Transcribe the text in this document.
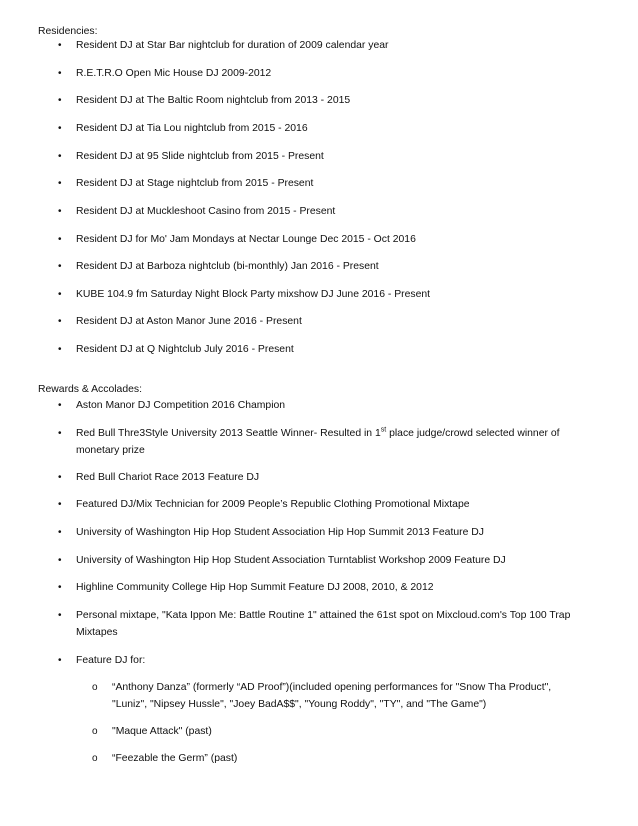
Residencies:
• Resident DJ at Star Bar nightclub for duration of 2009 calendar year
• R.E.T.R.O Open Mic House DJ 2009-2012
• Resident DJ at The Baltic Room nightclub from 2013 - 2015
• Resident DJ at Tia Lou nightclub from 2015 - 2016
• Resident DJ at 95 Slide nightclub from 2015 - Present
• Resident DJ at Stage nightclub from 2015 - Present
• Resident DJ at Muckleshoot Casino from 2015 - Present
• Resident DJ for Mo' Jam Mondays at Nectar Lounge Dec 2015 - Oct 2016
• Resident DJ at Barboza nightclub (bi-monthly) Jan 2016 - Present
• KUBE 104.9 fm Saturday Night Block Party mixshow DJ June 2016 - Present
• Resident DJ at Aston Manor June 2016 - Present
• Resident DJ at Q Nightclub July 2016 - Present
Rewards & Accolades:
• Aston Manor DJ Competition 2016 Champion
• Red Bull Thre3Style University 2013 Seattle Winner- Resulted in 1st place judge/crowd selected winner of monetary prize
• Red Bull Chariot Race 2013 Feature DJ
• Featured DJ/Mix Technician for 2009 People’s Republic Clothing Promotional Mixtape
• University of Washington Hip Hop Student Association Hip Hop Summit 2013 Feature DJ
• University of Washington Hip Hop Student Association Turntablist Workshop 2009 Feature DJ
• Highline Community College Hip Hop Summit Feature DJ 2008, 2010, & 2012
• Personal mixtape, "Kata Ippon Me: Battle Routine 1" attained the 61st spot on Mixcloud.com's Top 100 Trap Mixtapes
• Feature DJ for:
o “Anthony Danza” (formerly “AD Proof”)(included opening performances for "Snow Tha Product", "Luniz", "Nipsey Hussle", "Joey BadA$$", "Young Roddy", "TY", and "The Game")
o "Maque Attack" (past)
o “Feezable the Germ” (past)
